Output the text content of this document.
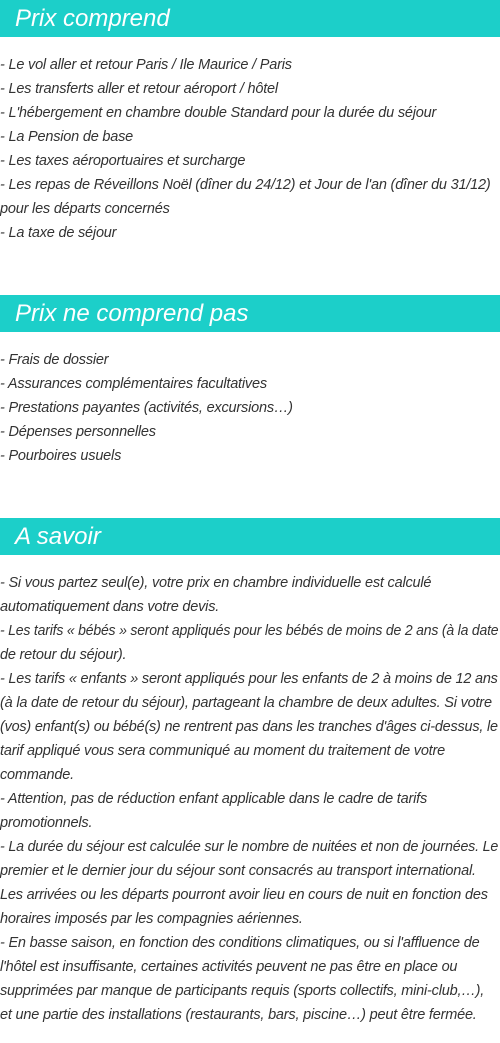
Prix comprend
- Le vol aller et retour Paris / Ile Maurice / Paris
- Les transferts aller et retour aéroport / hôtel
- L'hébergement en chambre double Standard pour la durée du séjour
- La Pension de base
- Les taxes aéroportuaires et surcharge
- Les repas de Réveillons Noël (dîner du 24/12) et Jour de l'an (dîner du 31/12)
pour les départs concernés
- La taxe de séjour
Prix ne comprend pas
- Frais de dossier
- Assurances complémentaires facultatives
- Prestations payantes (activités, excursions…)
- Dépenses personnelles
- Pourboires usuels
A savoir
- Si vous partez seul(e), votre prix en chambre individuelle est calculé
automatiquement dans votre devis.
- Les tarifs « bébés » seront appliqués pour les bébés de moins de 2 ans (à la date
de retour du séjour).
- Les tarifs « enfants » seront appliqués pour les enfants de 2 à moins de 12 ans
(à la date de retour du séjour), partageant la chambre de deux adultes. Si votre
(vos) enfant(s) ou bébé(s) ne rentrent pas dans les tranches d'âges ci-dessus, le
tarif appliqué vous sera communiqué au moment du traitement de votre
commande.
- Attention, pas de réduction enfant applicable dans le cadre de tarifs
promotionnels.
- La durée du séjour est calculée sur le nombre de nuitées et non de journées. Le
premier et le dernier jour du séjour sont consacrés au transport international.
Les arrivées ou les départs pourront avoir lieu en cours de nuit en fonction des
horaires imposés par les compagnies aériennes.
- En basse saison, en fonction des conditions climatiques, ou si l'affluence de
l'hôtel est insuffisante, certaines activités peuvent ne pas être en place ou
supprimées par manque de participants requis (sports collectifs, mini-club,…),
et une partie des installations (restaurants, bars, piscine…) peut être fermée.
